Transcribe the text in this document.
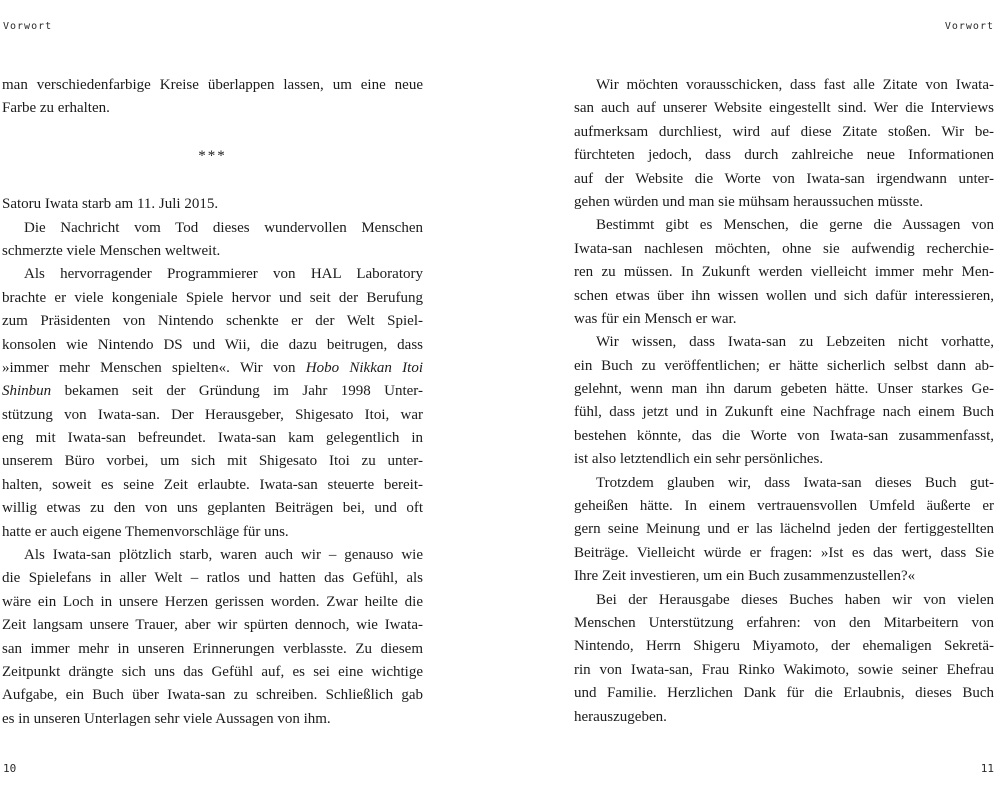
Vorwort	Vorwort
man verschiedenfarbige Kreise überlappen lassen, um eine neue
Farbe zu erhalten.
***
Satoru Iwata starb am 11. Juli 2015.
Die Nachricht vom Tod dieses wundervollen Menschen
schmerzte viele Menschen weltweit.
Als hervorragender Programmierer von HAL Laboratory
brachte er viele kongeniale Spiele hervor und seit der Berufung
zum Präsidenten von Nintendo schenkte er der Welt Spiel-
konsolen wie Nintendo DS und Wii, die dazu beitrugen, dass
»immer mehr Menschen spielten«. Wir von Hobo Nikkan Itoi
Shinbun bekamen seit der Gründung im Jahr 1998 Unter-
stützung von Iwata-san. Der Herausgeber, Shigesato Itoi, war
eng mit Iwata-san befreundet. Iwata-san kam gelegentlich in
unserem Büro vorbei, um sich mit Shigesato Itoi zu unter-
halten, soweit es seine Zeit erlaubte. Iwata-san steuerte bereit-
willig etwas zu den von uns geplanten Beiträgen bei, und oft
hatte er auch eigene Themenvorschläge für uns.
Als Iwata-san plötzlich starb, waren auch wir – genauso wie
die Spielefans in aller Welt – ratlos und hatten das Gefühl, als
wäre ein Loch in unsere Herzen gerissen worden. Zwar heilte die
Zeit langsam unsere Trauer, aber wir spürten dennoch, wie Iwata-
san immer mehr in unseren Erinnerungen verblasste. Zu diesem
Zeitpunkt drängte sich uns das Gefühl auf, es sei eine wichtige
Aufgabe, ein Buch über Iwata-san zu schreiben. Schließlich gab
es in unseren Unterlagen sehr viele Aussagen von ihm.
Wir möchten vorausschicken, dass fast alle Zitate von Iwata-
san auch auf unserer Website eingestellt sind. Wer die Interviews
aufmerksam durchliest, wird auf diese Zitate stoßen. Wir be-
fürchteten jedoch, dass durch zahlreiche neue Informationen
auf der Website die Worte von Iwata-san irgendwann unter-
gehen würden und man sie mühsam heraussuchen müsste.
Bestimmt gibt es Menschen, die gerne die Aussagen von
Iwata-san nachlesen möchten, ohne sie aufwendig recherchie-
ren zu müssen. In Zukunft werden vielleicht immer mehr Men-
schen etwas über ihn wissen wollen und sich dafür interessieren,
was für ein Mensch er war.
Wir wissen, dass Iwata-san zu Lebzeiten nicht vorhatte,
ein Buch zu veröffentlichen; er hätte sicherlich selbst dann ab-
gelehnt, wenn man ihn darum gebeten hätte. Unser starkes Ge-
fühl, dass jetzt und in Zukunft eine Nachfrage nach einem Buch
bestehen könnte, das die Worte von Iwata-san zusammenfasst,
ist also letztendlich ein sehr persönliches.
Trotzdem glauben wir, dass Iwata-san dieses Buch gut-
geheißen hätte. In einem vertrauensvollen Umfeld äußerte er
gern seine Meinung und er las lächelnd jeden der fertiggestellten
Beiträge. Vielleicht würde er fragen: »Ist es das wert, dass Sie
Ihre Zeit investieren, um ein Buch zusammenzustellen?«
Bei der Herausgabe dieses Buches haben wir von vielen
Menschen Unterstützung erfahren: von den Mitarbeitern von
Nintendo, Herrn Shigeru Miyamoto, der ehemaligen Sekretä-
rin von Iwata-san, Frau Rinko Wakimoto, sowie seiner Ehefrau
und Familie. Herzlichen Dank für die Erlaubnis, dieses Buch
herauszugeben.
10	11
